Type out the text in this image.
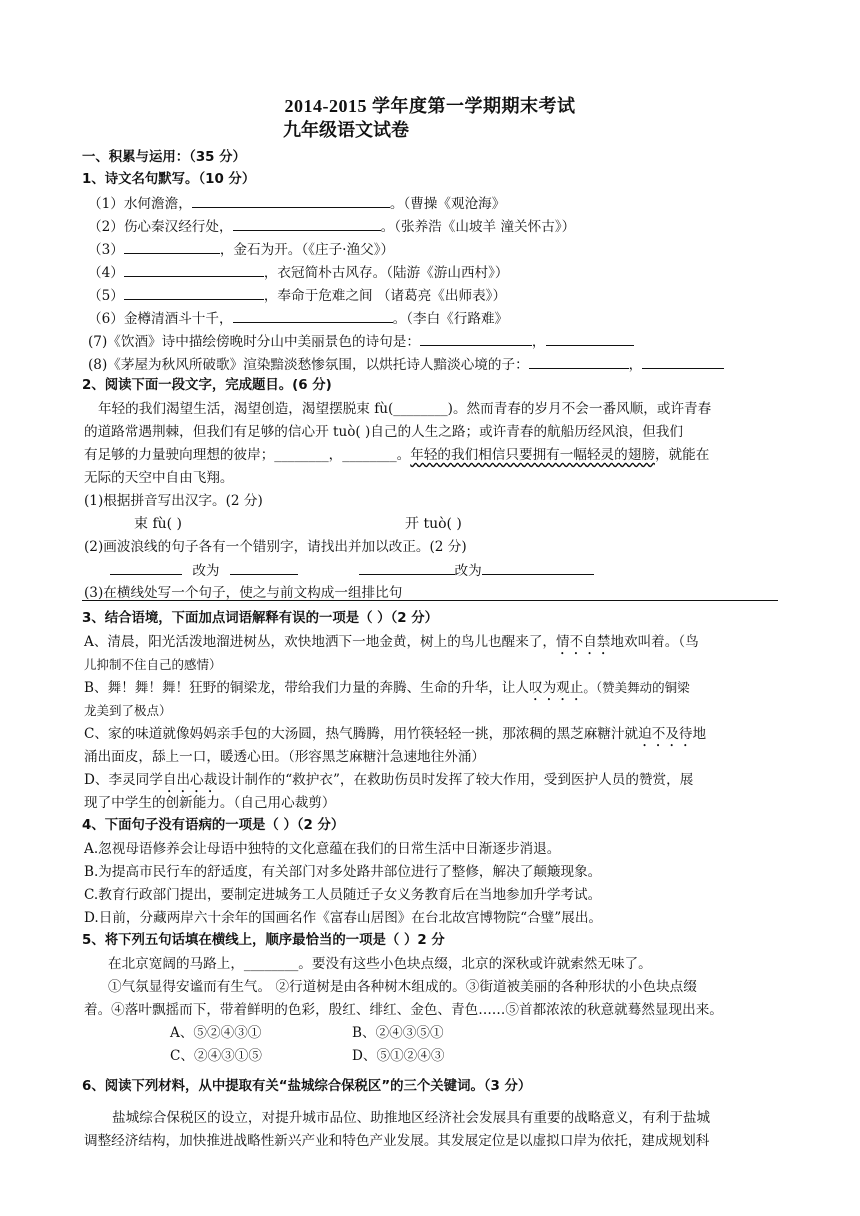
2014-2015 学年度第一学期期末考试
九年级语文试卷
一、积累与运用：（35 分）
1、诗文名句默写。（10 分）
（1）水何澹澹，	。（曹操《观沧海》
（2）伤心秦汉经行处，	。（张养浩《山坡羊 潼关怀古》）
（3）	，金石为开。（《庄子·渔父》）
（4）	，衣冠简朴古风存。（陆游《游山西村》）
（5）	，奉命于危难之间 （诸葛亮《出师表》）
（6）金樽清酒斗十千，	。（李白《行路难》
(7)《饮酒》诗中描绘傍晚时分山中美丽景色的诗句是：	，
(8)《茅屋为秋风所破歌》渲染黯淡愁惨氛围，以烘托诗人黯淡心境的子：	，
2、阅读下面一段文字，完成题目。(6 分)
年轻的我们渴望生活，渴望创造，渴望摆脱束 fù(________)。然而青春的岁月不会一番风顺，或许青春
的道路常遇荆棘，但我们有足够的信心开 tuò( )自己的人生之路；或许青春的航船历经风浪，但我们
有足够的力量驶向理想的彼岸；________，________。年轻的我们相信只要拥有一幅轻灵的翅膀，就能在
无际的天空中自由飞翔。
(1)根据拼音写出汉字。(2 分)
束 fù( )	开 tuò( )
(2)画波浪线的句子各有一个错别字，请找出并加以改正。(2 分)
改为	改为
(3)在横线处写一个句子，使之与前文构成一组排比句
3、结合语境，下面加点词语解释有误的一项是（ ）（2 分）
A、清晨，阳光活泼地溜进树丛，欢快地洒下一地金黄，树上的鸟儿也醒来了，情不自禁地欢叫着。（鸟
儿抑制不住自己的感情）
B、舞！舞！舞！狂野的铜梁龙，带给我们力量的奔腾、生命的升华，让人叹为观止。（赞美舞动的铜梁
龙美到了极点）
C、家的味道就像妈妈亲手包的大汤圆，热气腾腾，用竹筷轻轻一挑，那浓稠的黑芝麻糖汁就迫不及待地
涌出面皮，舔上一口，暖透心田。（形容黑芝麻糖汁急速地往外涌）
D、李灵同学自出心裁设计制作的“救护衣”，在救助伤员时发挥了较大作用，受到医护人员的赞赏，展
现了中学生的创新能力。（自己用心裁剪）
4、下面句子没有语病的一项是（ ）（2 分）
A.忽视母语修养会让母语中独特的文化意蕴在我们的日常生活中日渐逐步消退。
B.为提高市民行车的舒适度，有关部门对多处路井部位进行了整修，解决了颠簸现象。
C.教育行政部门提出，要制定进城务工人员随迁子女义务教育后在当地参加升学考试。
D.日前，分藏两岸六十余年的国画名作《富春山居图》在台北故宫博物院“合璧”展出。
5、将下列五句话填在横线上，顺序最恰当的一项是（ ）2 分
在北京宽阔的马路上，________。要没有这些小色块点缀，北京的深秋或许就索然无味了。
①气氛显得安谧而有生气。 ②行道树是由各种树木组成的。③街道被美丽的各种形状的小色块点缀
着。④落叶飘摇而下，带着鲜明的色彩，殷红、绯红、金色、青色……⑤首都浓浓的秋意就蓦然显现出来。
A、⑤②④③①	B、②④③⑤①
C、②④③①⑤	D、⑤①②④③
6、阅读下列材料，从中提取有关“盐城综合保税区”的三个关键词。（3 分）
盐城综合保税区的设立，对提升城市品位、助推地区经济社会发展具有重要的战略意义，有利于盐城
调整经济结构，加快推进战略性新兴产业和特色产业发展。其发展定位是以虚拟口岸为依托，建成规划科
